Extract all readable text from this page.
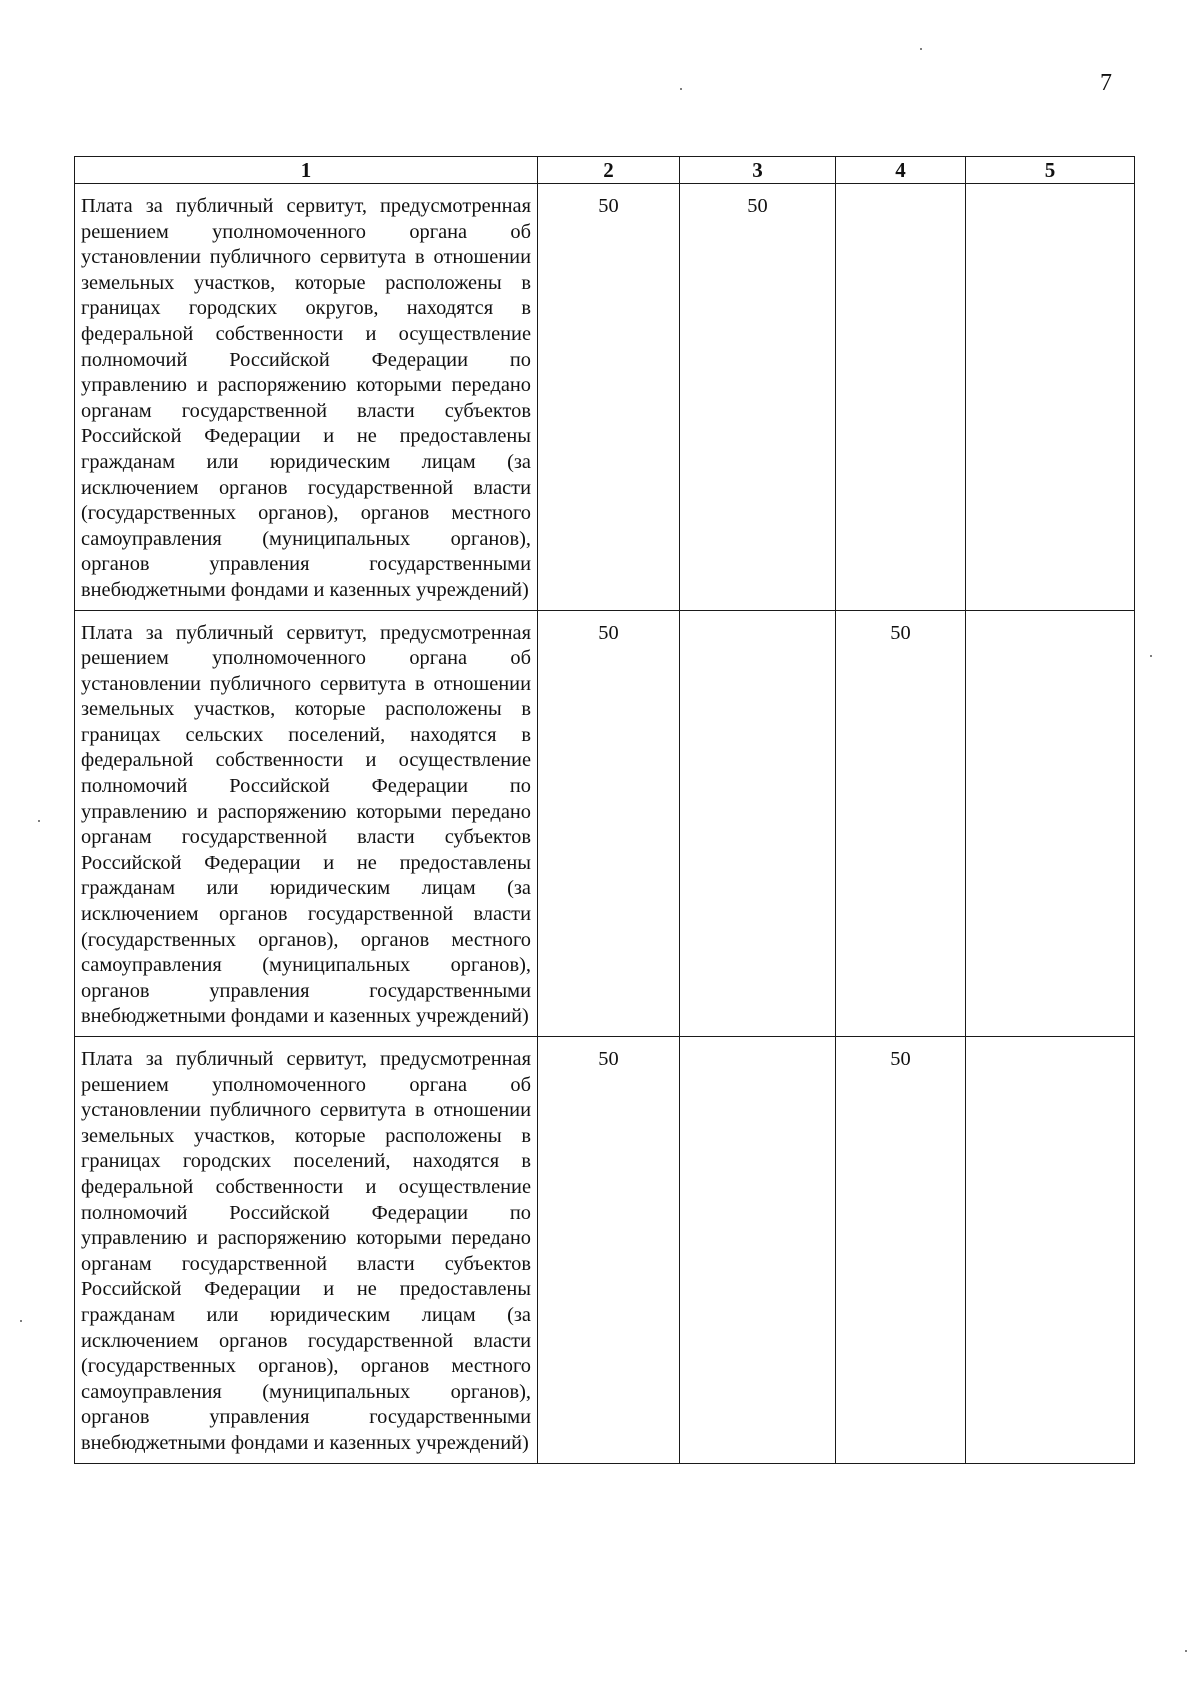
7
1	2	3	4	5
Плата за публичный сервитут, предусмотренная решением уполномоченного органа об установлении публичного сервитута в отношении земельных участков, которые расположены в границах городских округов, находятся в федеральной собственности и осуществление полномочий Российской Федерации по управлению и распоряжению которыми передано органам государственной власти субъектов Российской Федерации и не предоставлены гражданам или юридическим лицам (за исключением органов государственной власти (государственных органов), органов местного самоуправления (муниципальных органов), органов управления государственными внебюджетными фондами и казенных учреждений)	50	50		
Плата за публичный сервитут, предусмотренная решением уполномоченного органа об установлении публичного сервитута в отношении земельных участков, которые расположены в границах сельских поселений, находятся в федеральной собственности и осуществление полномочий Российской Федерации по управлению и распоряжению которыми передано органам государственной власти субъектов Российской Федерации и не предоставлены гражданам или юридическим лицам (за исключением органов государственной власти (государственных органов), органов местного самоуправления (муниципальных органов), органов управления государственными внебюджетными фондами и казенных учреждений)	50		50	
Плата за публичный сервитут, предусмотренная решением уполномоченного органа об установлении публичного сервитута в отношении земельных участков, которые расположены в границах городских поселений, находятся в федеральной собственности и осуществление полномочий Российской Федерации по управлению и распоряжению которыми передано органам государственной власти субъектов Российской Федерации и не предоставлены гражданам или юридическим лицам (за исключением органов государственной власти (государственных органов), органов местного самоуправления (муниципальных органов), органов управления государственными внебюджетными фондами и казенных учреждений)	50		50	
